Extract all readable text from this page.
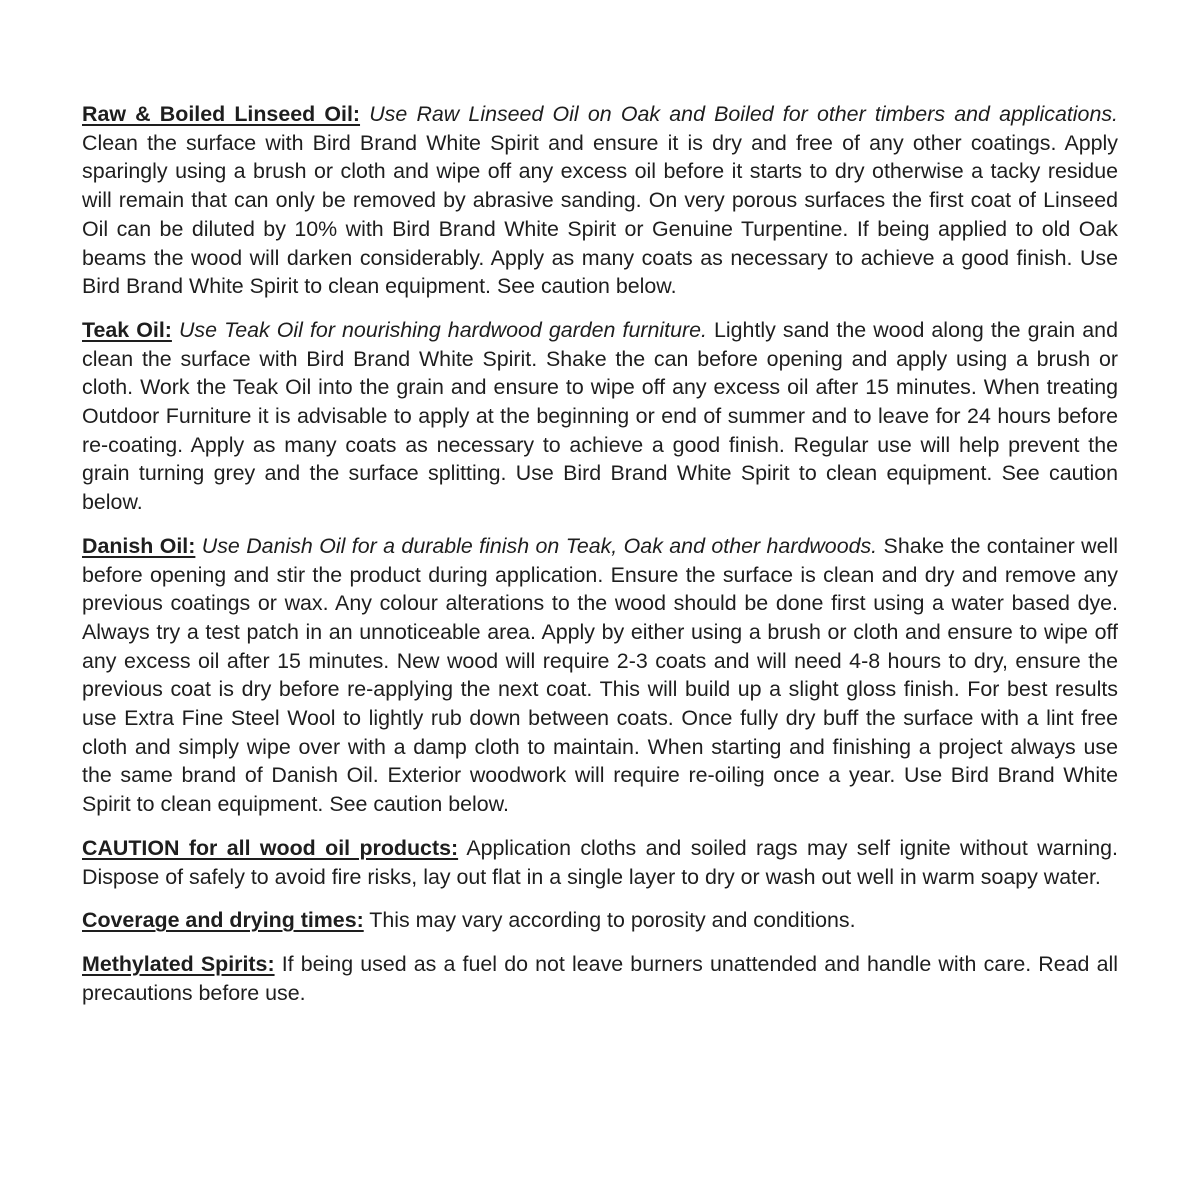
Raw & Boiled Linseed Oil: Use Raw Linseed Oil on Oak and Boiled for other timbers and applications. Clean the surface with Bird Brand White Spirit and ensure it is dry and free of any other coatings. Apply sparingly using a brush or cloth and wipe off any excess oil before it starts to dry otherwise a tacky residue will remain that can only be removed by abrasive sanding. On very porous surfaces the first coat of Linseed Oil can be diluted by 10% with Bird Brand White Spirit or Genuine Turpentine. If being applied to old Oak beams the wood will darken considerably. Apply as many coats as necessary to achieve a good finish. Use Bird Brand White Spirit to clean equipment. See caution below.

Teak Oil: Use Teak Oil for nourishing hardwood garden furniture. Lightly sand the wood along the grain and clean the surface with Bird Brand White Spirit. Shake the can before opening and apply using a brush or cloth. Work the Teak Oil into the grain and ensure to wipe off any excess oil after 15 minutes. When treating Outdoor Furniture it is advisable to apply at the beginning or end of summer and to leave for 24 hours before re-coating. Apply as many coats as necessary to achieve a good finish. Regular use will help prevent the grain turning grey and the surface splitting. Use Bird Brand White Spirit to clean equipment. See caution below.

Danish Oil: Use Danish Oil for a durable finish on Teak, Oak and other hardwoods. Shake the container well before opening and stir the product during application. Ensure the surface is clean and dry and remove any previous coatings or wax. Any colour alterations to the wood should be done first using a water based dye. Always try a test patch in an unnoticeable area. Apply by either using a brush or cloth and ensure to wipe off any excess oil after 15 minutes. New wood will require 2-3 coats and will need 4-8 hours to dry, ensure the previous coat is dry before re-applying the next coat. This will build up a slight gloss finish. For best results use Extra Fine Steel Wool to lightly rub down between coats. Once fully dry buff the surface with a lint free cloth and simply wipe over with a damp cloth to maintain. When starting and finishing a project always use the same brand of Danish Oil. Exterior woodwork will require re-oiling once a year. Use Bird Brand White Spirit to clean equipment. See caution below.

CAUTION for all wood oil products: Application cloths and soiled rags may self ignite without warning. Dispose of safely to avoid fire risks, lay out flat in a single layer to dry or wash out well in warm soapy water.

Coverage and drying times: This may vary according to porosity and conditions.

Methylated Spirits: If being used as a fuel do not leave burners unattended and handle with care. Read all precautions before use.
